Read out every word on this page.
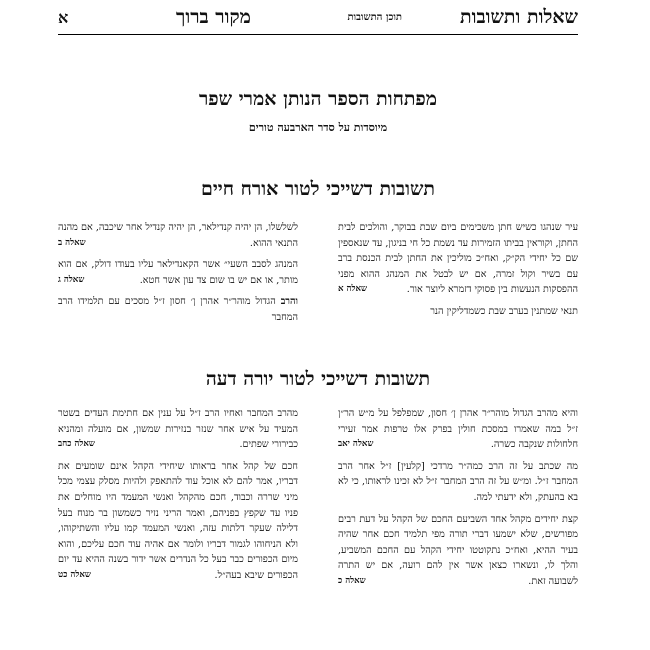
שאלות ותשובות
תוכן התשובות
מקור ברוך
א
מפתחות הספר הנותן אמרי שפר
מיוסדות על סדר הארבעה טורים
תשובות דשייכי לטור אורח חיים

עיר שנהגו כשיש חתן משכימים ביום שבת בבוקר, והולכים לבית החתן, וקוראין בביתו הזמירות עד נשמת כל חי בניגון, עד שנאספין שם כל יחידי הק״ק, ואח״כ מוליכין את החתן לבית הכנסת ברב עם בשיר וקול זמרה, אם יש לבטל את המנהג ההוא מפני ההפסקות הנעשות בין פסוקי דזמרא ליוצר אור.
שאלה א

תנאי שמתנין בערב שבת כשמדליקין הנר

לשלשלו, הן יהיה קנדילאר, הן יהיה קנדיל אחר שיכבה, אם מהנה התנאי ההוא.
שאלה ב

המנהג לסבב השעי״ אשר הקאנדילאר עליו בעודו דולק, אם הוא מותר, או אם יש בו שום צד עון אשר חטא.
שאלה ג

והרב הגדול מוהר״ר אהרן ן׳ חסון ז״ל מסכים עם תלמידו הרב המחבר

תשובות דשייכי לטור יורה דעה

והיא מהרב הגדול מוהר״ר אהרן ן׳ חסון, שמפלפל על מ״ש הר״ן ז״ל במה שאמרו במסכת חולין בפרק אלו טרפות אמר זעירי חלחולות שנקבה כשרה.
שאלה יאב

מה שכתב על זה הרב כמה״ר מרדכי [קלעין] ז״ל אחר הרב המחבר ז״ל. ומ״ש על זה הרב המחבר ז״ל לא זכינו לראותו, כי לא בא בהעתק, ולא ידעתי למה.

קצת יחידים מקהל אחד השביעם החכם של הקהל על דעת רבים מפורשים, שלא ישמעו דברי תורה מפי תלמיד חכם אחר שהיה בעיר ההיא, ואח״כ נתקוטטו יחידי הקהל עם החכם המשביע, והלך לו, ונשארו כצאן אשר אין להם רועה, אם יש התרה לשבועה זאת.
שאלה כ

מהרב המחבר ואחיו הרב ז״ל על ענין אם חתימת העדים בשטר המעיד על איש אחר שנזר בנזירות שמשון, אם מועלה ומהניא כבירורי שפתים.
שאלה כחב

חכם של קהל אחר בראותו שיחידי הקהל אינם שומעים את דבריו, אמר להם לא אוכל עוד להתאפק ולהיות מסלק עצמי מכל מיני שררה וכבוד, חכם מהקהל ואנשי המעמד היו מוחלים את פניו עד שקפץ בפניהם, ואמר הריני נזיר כשמשון בר מנוח בעל דלילה שעקר דלתות עזה, ואנשי המעמד קמו עליו והשתיקוהו, ולא הניחוהו לגמור דבריו ולומר אם אהיה עוד חכם עליכם, והוא מיום הכפורים כבר בעל כל הנדרים אשר ידור בשנה ההיא עד יום הכפורים שיבא בעה״ל.
שאלה כט
